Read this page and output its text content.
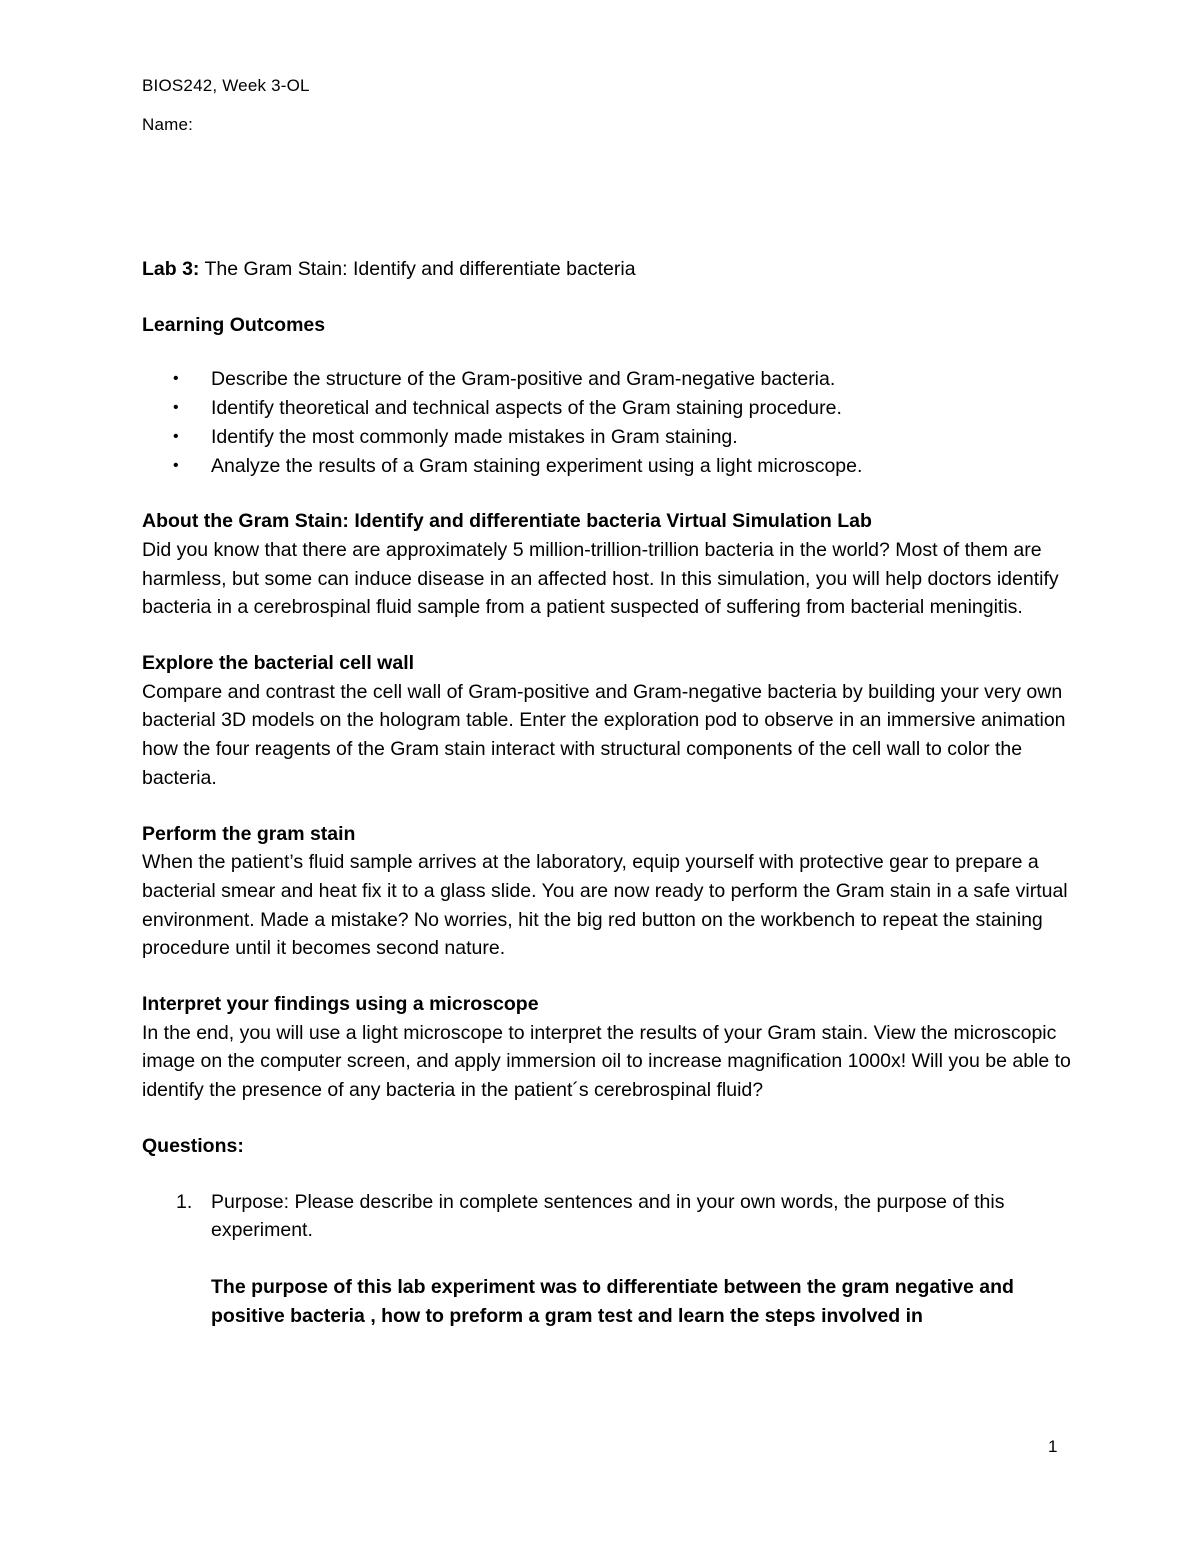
BIOS242, Week 3-OL
Name:

Lab 3: The Gram Stain: Identify and differentiate bacteria

Learning Outcomes

• Describe the structure of the Gram-positive and Gram-negative bacteria.
• Identify theoretical and technical aspects of the Gram staining procedure.
• Identify the most commonly made mistakes in Gram staining.
• Analyze the results of a Gram staining experiment using a light microscope.

About the Gram Stain: Identify and differentiate bacteria Virtual Simulation Lab

Did you know that there are approximately 5 million-trillion-trillion bacteria in the world? Most of them are harmless, but some can induce disease in an affected host. In this simulation, you will help doctors identify bacteria in a cerebrospinal fluid sample from a patient suspected of suffering from bacterial meningitis.

Explore the bacterial cell wall

Compare and contrast the cell wall of Gram-positive and Gram-negative bacteria by building your very own bacterial 3D models on the hologram table. Enter the exploration pod to observe in an immersive animation how the four reagents of the Gram stain interact with structural components of the cell wall to color the bacteria.

Perform the gram stain

When the patient’s fluid sample arrives at the laboratory, equip yourself with protective gear to prepare a bacterial smear and heat fix it to a glass slide. You are now ready to perform the Gram stain in a safe virtual environment. Made a mistake? No worries, hit the big red button on the workbench to repeat the staining procedure until it becomes second nature.

Interpret your findings using a microscope

In the end, you will use a light microscope to interpret the results of your Gram stain. View the microscopic image on the computer screen, and apply immersion oil to increase magnification 1000x! Will you be able to identify the presence of any bacteria in the patient´s cerebrospinal fluid?

Questions:

1. Purpose: Please describe in complete sentences and in your own words, the purpose of this experiment.

The purpose of this lab experiment was to differentiate between the gram negative and positive bacteria , how to preform a gram test and learn the steps involved in

1
